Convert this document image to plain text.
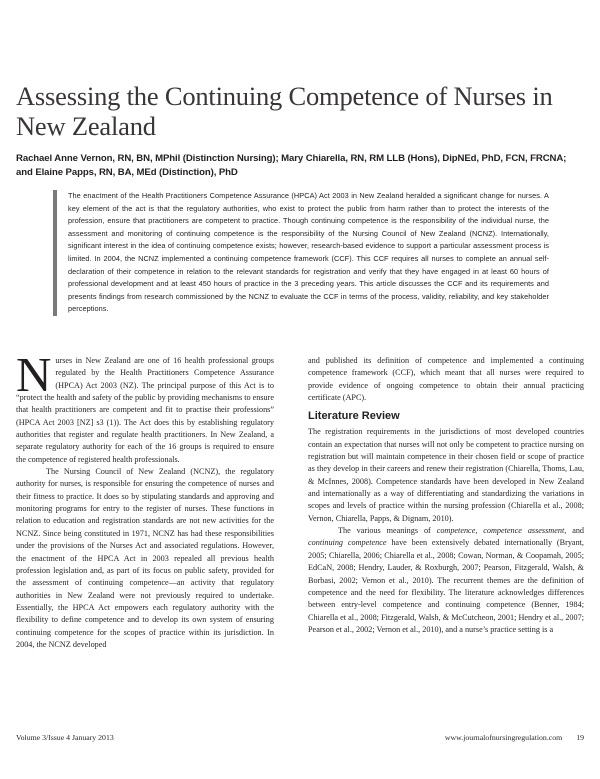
Assessing the Continuing Competence of Nurses in New Zealand
Rachael Anne Vernon, RN, BN, MPhil (Distinction Nursing); Mary Chiarella, RN, RM LLB (Hons), DipNEd, PhD, FCN, FRCNA; and Elaine Papps, RN, BA, MEd (Distinction), PhD
The enactment of the Health Practitioners Competence Assurance (HPCA) Act 2003 in New Zealand heralded a significant change for nurses. A key element of the act is that the regulatory authorities, who exist to protect the public from harm rather than to protect the interests of the profession, ensure that practitioners are competent to practice. Though continuing competence is the responsibility of the individual nurse, the assessment and monitoring of continuing competence is the responsibility of the Nursing Council of New Zealand (NCNZ). Internationally, significant interest in the idea of continuing competence exists; however, research-based evidence to support a particular assessment process is limited. In 2004, the NCNZ implemented a continuing competence framework (CCF). This CCF requires all nurses to complete an annual self-declaration of their competence in relation to the relevant standards for registration and verify that they have engaged in at least 60 hours of professional development and at least 450 hours of practice in the 3 preceding years. This article discusses the CCF and its requirements and presents findings from research commissioned by the NCNZ to evaluate the CCF in terms of the process, validity, reliability, and key stakeholder perceptions.

Nurses in New Zealand are one of 16 health professional groups regulated by the Health Practitioners Competence Assurance (HPCA) Act 2003 (NZ). The principal purpose of this Act is to “protect the health and safety of the public by providing mechanisms to ensure that health practitioners are competent and fit to practise their professions” (HPCA Act 2003 [NZ] s3 (1)). The Act does this by establishing regulatory authorities that register and regulate health practitioners. In New Zealand, a separate regulatory authority for each of the 16 groups is required to ensure the competence of registered health professionals.

The Nursing Council of New Zealand (NCNZ), the regulatory authority for nurses, is responsible for ensuring the competence of nurses and their fitness to practice. It does so by stipulating standards and approving and monitoring programs for entry to the register of nurses. These functions in relation to education and registration standards are not new activities for the NCNZ. Since being constituted in 1971, NCNZ has had these responsibilities under the provisions of the Nurses Act and associated regulations. However, the enactment of the HPCA Act in 2003 repealed all previous health profession legislation and, as part of its focus on public safety, provided for the assessment of continuing competence—an activity that regulatory authorities in New Zealand were not previously required to undertake. Essentially, the HPCA Act empowers each regulatory authority with the flexibility to define competence and to develop its own system of ensuring continuing competence for the scopes of practice within its jurisdiction. In 2004, the NCNZ developed

and published its definition of competence and implemented a continuing competence framework (CCF), which meant that all nurses were required to provide evidence of ongoing competence to obtain their annual practicing certificate (APC).

Literature Review

The registration requirements in the jurisdictions of most developed countries contain an expectation that nurses will not only be competent to practice nursing on registration but will maintain competence in their chosen field or scope of practice as they develop in their careers and renew their registration (Chiarella, Thoms, Lau, & McInnes, 2008). Competence standards have been developed in New Zealand and internationally as a way of differentiating and standardizing the variations in scopes and levels of practice within the nursing profession (Chiarella et al., 2008; Vernon, Chiarella, Papps, & Dignam, 2010).

The various meanings of competence, competence assessment, and continuing competence have been extensively debated internationally (Bryant, 2005; Chiarella, 2006; Chiarella et al., 2008; Cowan, Norman, & Coopamah, 2005; EdCaN, 2008; Hendry, Lauder, & Roxburgh, 2007; Pearson, Fitzgerald, Walsh, & Borbasi, 2002; Vernon et al., 2010). The recurrent themes are the definition of competence and the need for flexibility. The literature acknowledges differences between entry-level competence and continuing competence (Benner, 1984; Chiarella et al., 2008; Fitzgerald, Walsh, & McCutcheon, 2001; Hendry et al., 2007; Pearson et al., 2002; Vernon et al., 2010), and a nurse’s practice setting is a

Volume 3/Issue 4 January 2013	www.journalofnursingregulation.com 19
